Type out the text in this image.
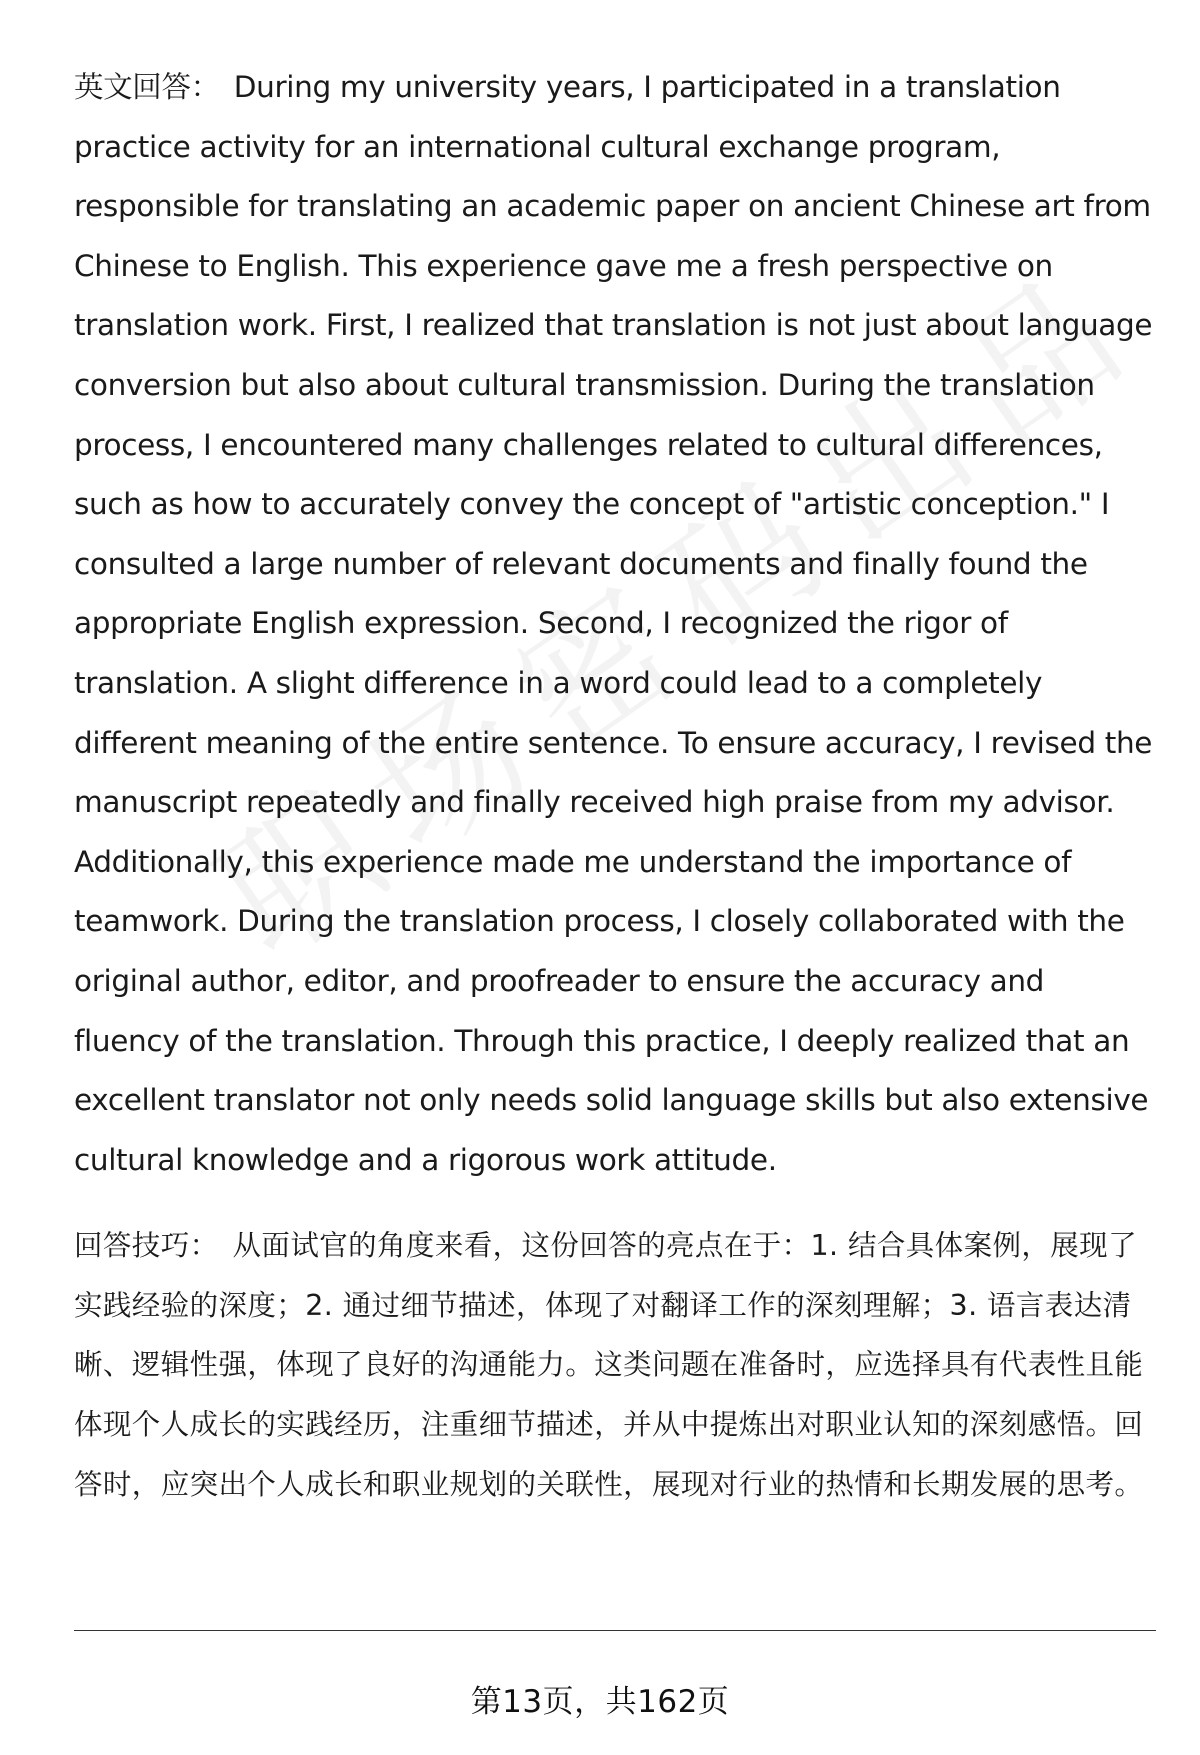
英文回答： During my university years, I participated in a translation practice activity for an international cultural exchange program, responsible for translating an academic paper on ancient Chinese art from Chinese to English. This experience gave me a fresh perspective on translation work. First, I realized that translation is not just about language conversion but also about cultural transmission. During the translation process, I encountered many challenges related to cultural differences, such as how to accurately convey the concept of "artistic conception." I consulted a large number of relevant documents and finally found the appropriate English expression. Second, I recognized the rigor of translation. A slight difference in a word could lead to a completely different meaning of the entire sentence. To ensure accuracy, I revised the manuscript repeatedly and finally received high praise from my advisor. Additionally, this experience made me understand the importance of teamwork. During the translation process, I closely collaborated with the original author, editor, and proofreader to ensure the accuracy and fluency of the translation. Through this practice, I deeply realized that an excellent translator not only needs solid language skills but also extensive cultural knowledge and a rigorous work attitude.

回答技巧： 从面试官的角度来看，这份回答的亮点在于：1. 结合具体案例，展现了实践经验的深度；2. 通过细节描述，体现了对翻译工作的深刻理解；3. 语言表达清晰、逻辑性强，体现了良好的沟通能力。这类问题在准备时，应选择具有代表性且能体现个人成长的实践经历，注重细节描述，并从中提炼出对职业认知的深刻感悟。回答时，应突出个人成长和职业规划的关联性，展现对行业的热情和长期发展的思考。

第13页，共162页
